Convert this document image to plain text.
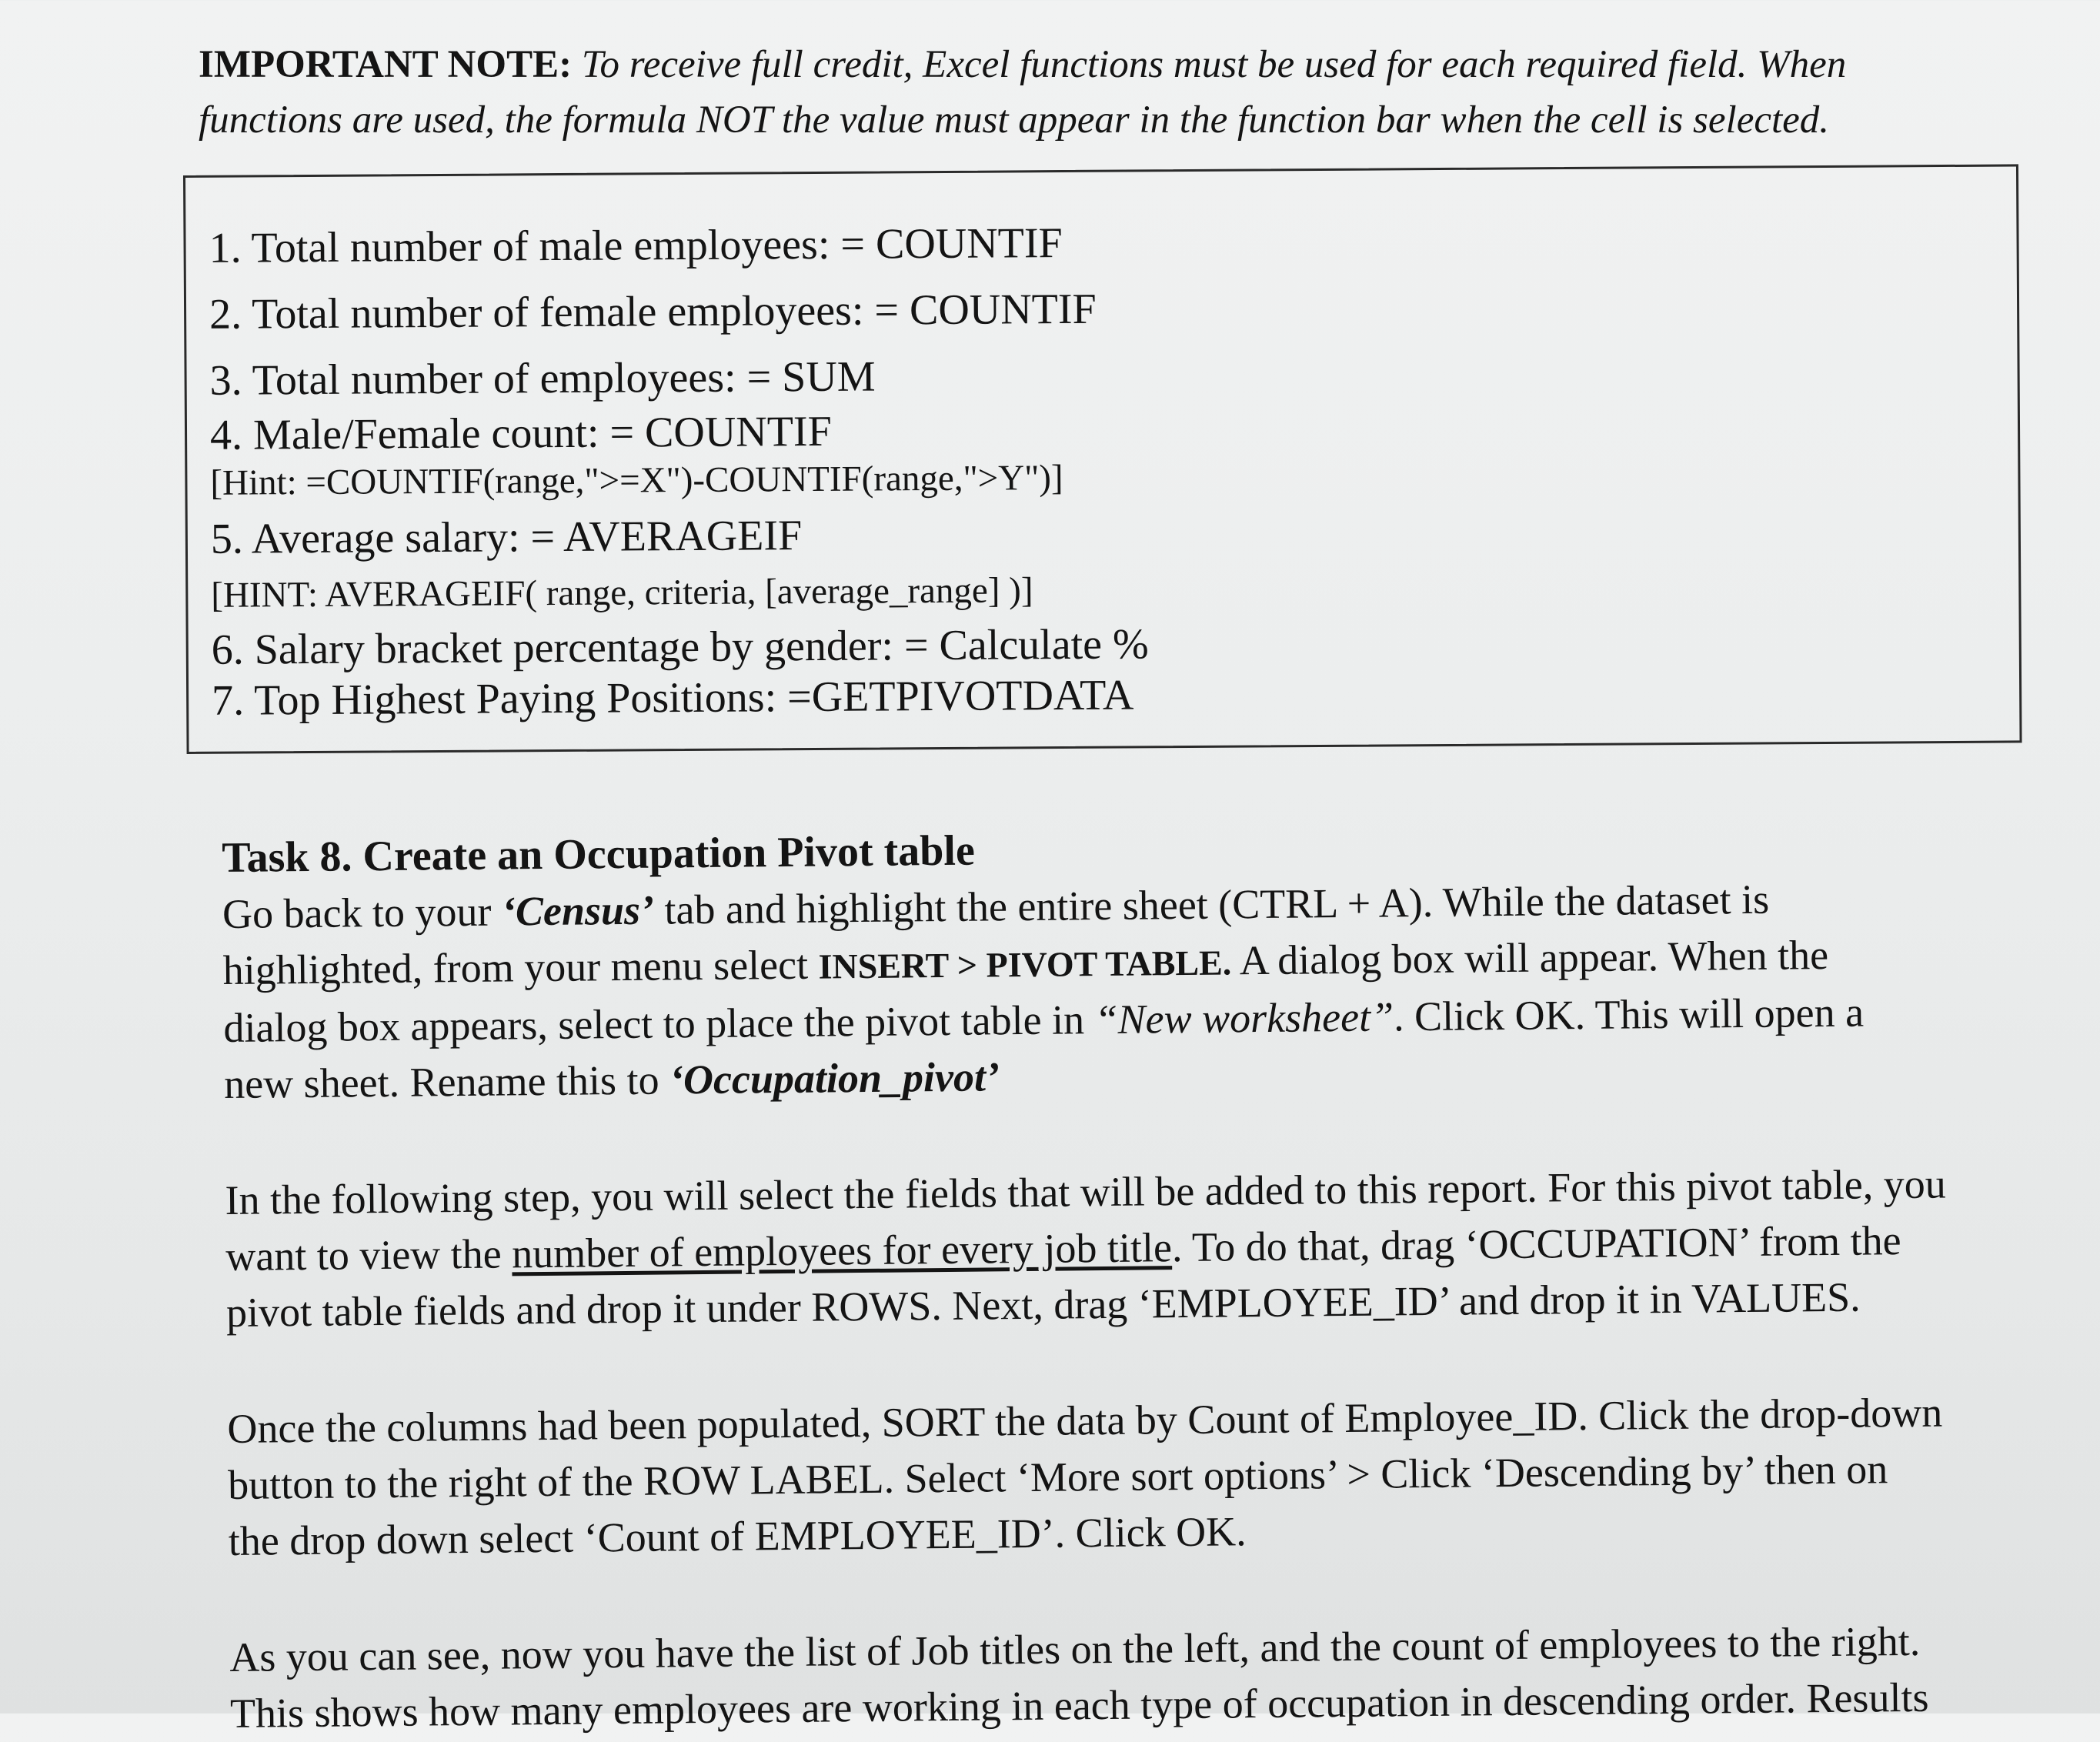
IMPORTANT NOTE: To receive full credit, Excel functions must be used for each required field. When
functions are used, the formula NOT the value must appear in the function bar when the cell is selected.
1. Total number of male employees: = COUNTIF
2. Total number of female employees: = COUNTIF
3. Total number of employees: = SUM
4. Male/Female count: = COUNTIF
[Hint: =COUNTIF(range,">=X")-COUNTIF(range,">Y")]
5. Average salary: = AVERAGEIF
[HINT: AVERAGEIF( range, criteria, [average_range] )]
6. Salary bracket percentage by gender: = Calculate %
7. Top Highest Paying Positions: =GETPIVOTDATA

Task 8. Create an Occupation Pivot table

Go back to your ‘Census’ tab and highlight the entire sheet (CTRL + A). While the dataset is
highlighted, from your menu select INSERT > PIVOT TABLE. A dialog box will appear. When the
dialog box appears, select to place the pivot table in “New worksheet”. Click OK. This will open a
new sheet. Rename this to ‘Occupation_pivot’

In the following step, you will select the fields that will be added to this report. For this pivot table, you
want to view the number of employees for every job title. To do that, drag ‘OCCUPATION’ from the
pivot table fields and drop it under ROWS. Next, drag ‘EMPLOYEE_ID’ and drop it in VALUES.

Once the columns had been populated, SORT the data by Count of Employee_ID. Click the drop-down
button to the right of the ROW LABEL. Select ‘More sort options’ > Click ‘Descending by’ then on
the drop down select ‘Count of EMPLOYEE_ID’. Click OK.

As you can see, now you have the list of Job titles on the left, and the count of employees to the right.
This shows how many employees are working in each type of occupation in descending order. Results
